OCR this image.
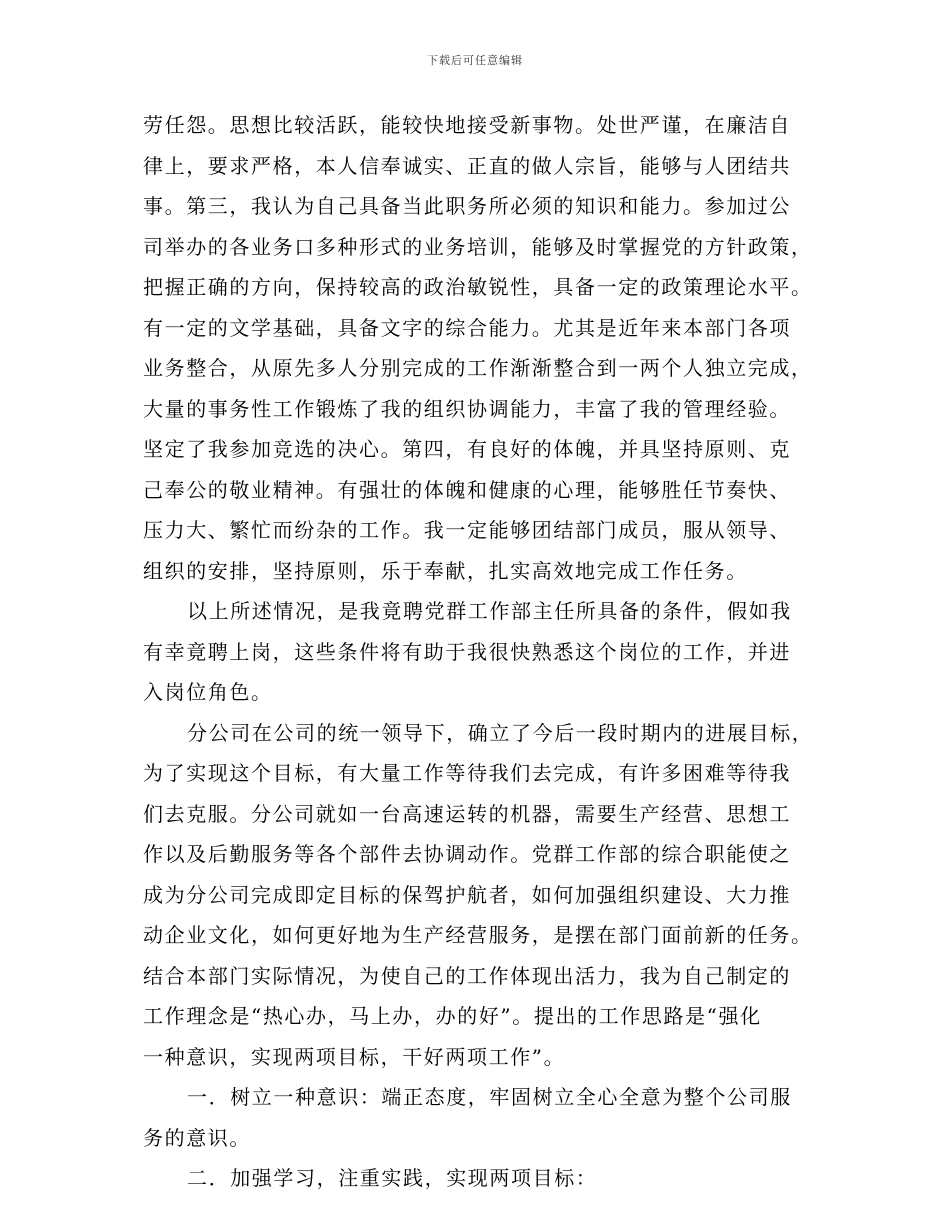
下载后可任意编辑

劳任怨。思想比较活跃，能较快地接受新事物。处世严谨，在廉洁自
律上，要求严格，本人信奉诚实、正直的做人宗旨，能够与人团结共
事。第三，我认为自己具备当此职务所必须的知识和能力。参加过公
司举办的各业务口多种形式的业务培训，能够及时掌握党的方针政策，
把握正确的方向，保持较高的政治敏锐性，具备一定的政策理论水平。
有一定的文学基础，具备文字的综合能力。尤其是近年来本部门各项
业务整合，从原先多人分别完成的工作渐渐整合到一两个人独立完成，
大量的事务性工作锻炼了我的组织协调能力，丰富了我的管理经验。
坚定了我参加竞选的决心。第四，有良好的体魄，并具坚持原则、克
己奉公的敬业精神。有强壮的体魄和健康的心理，能够胜任节奏快、
压力大、繁忙而纷杂的工作。我一定能够团结部门成员，服从领导、
组织的安排，坚持原则，乐于奉献，扎实高效地完成工作任务。

以上所述情况，是我竟聘党群工作部主任所具备的条件，假如我
有幸竟聘上岗，这些条件将有助于我很快熟悉这个岗位的工作，并进
入岗位角色。

分公司在公司的统一领导下，确立了今后一段时期内的进展目标，
为了实现这个目标，有大量工作等待我们去完成，有许多困难等待我
们去克服。分公司就如一台高速运转的机器，需要生产经营、思想工
作以及后勤服务等各个部件去协调动作。党群工作部的综合职能使之
成为分公司完成即定目标的保驾护航者，如何加强组织建设、大力推
动企业文化，如何更好地为生产经营服务，是摆在部门面前新的任务。
结合本部门实际情况，为使自己的工作体现出活力，我为自己制定的
工作理念是“热心办，马上办，办的好”。提出的工作思路是“强化
一种意识，实现两项目标，干好两项工作”。

一．树立一种意识：端正态度，牢固树立全心全意为整个公司服
务的意识。

二．加强学习，注重实践，实现两项目标：
